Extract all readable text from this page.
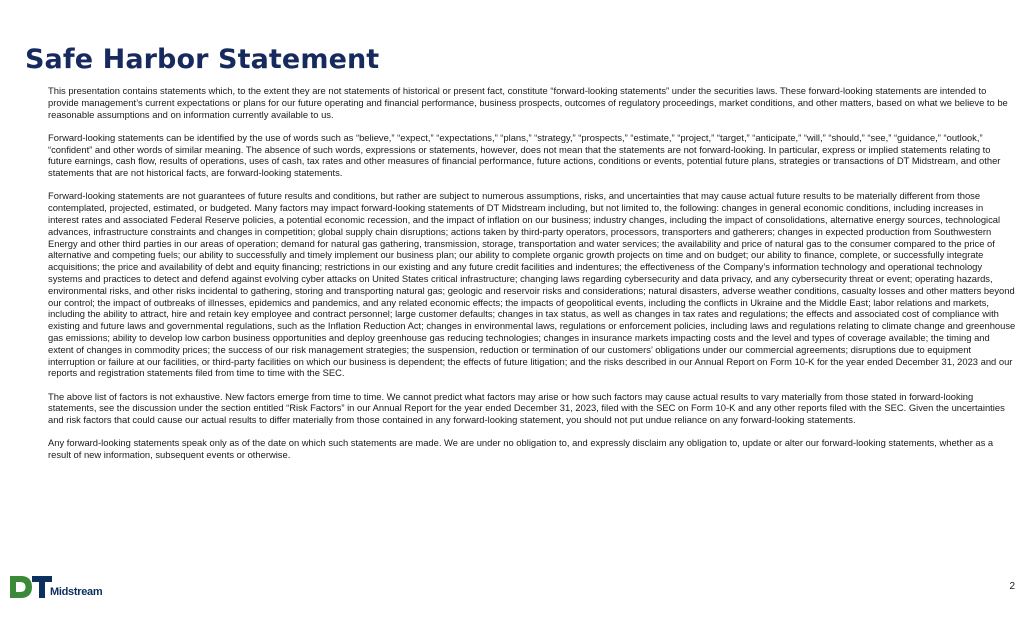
Safe Harbor Statement

This presentation contains statements which, to the extent they are not statements of historical or present fact, constitute “forward-looking statements” under the securities laws. These forward-looking statements are intended to provide management’s current expectations or plans for our future operating and financial performance, business prospects, outcomes of regulatory proceedings, market conditions, and other matters, based on what we believe to be reasonable assumptions and on information currently available to us.

Forward-looking statements can be identified by the use of words such as “believe,” “expect,” “expectations,” “plans,” “strategy,” “prospects,” “estimate,” “project,” “target,” “anticipate,” “will,” “should,” “see,” “guidance,” “outlook,” “confident” and other words of similar meaning. The absence of such words, expressions or statements, however, does not mean that the statements are not forward-looking. In particular, express or implied statements relating to future earnings, cash flow, results of operations, uses of cash, tax rates and other measures of financial performance, future actions, conditions or events, potential future plans, strategies or transactions of DT Midstream, and other statements that are not historical facts, are forward-looking statements.

Forward-looking statements are not guarantees of future results and conditions, but rather are subject to numerous assumptions, risks, and uncertainties that may cause actual future results to be materially different from those contemplated, projected, estimated, or budgeted. Many factors may impact forward-looking statements of DT Midstream including, but not limited to, the following: changes in general economic conditions, including increases in interest rates and associated Federal Reserve policies, a potential economic recession, and the impact of inflation on our business; industry changes, including the impact of consolidations, alternative energy sources, technological advances, infrastructure constraints and changes in competition; global supply chain disruptions; actions taken by third-party operators, processors, transporters and gatherers; changes in expected production from Southwestern Energy and other third parties in our areas of operation; demand for natural gas gathering, transmission, storage, transportation and water services; the availability and price of natural gas to the consumer compared to the price of alternative and competing fuels; our ability to successfully and timely implement our business plan; our ability to complete organic growth projects on time and on budget; our ability to finance, complete, or successfully integrate acquisitions; the price and availability of debt and equity financing; restrictions in our existing and any future credit facilities and indentures; the effectiveness of the Company’s information technology and operational technology systems and practices to detect and defend against evolving cyber attacks on United States critical infrastructure; changing laws regarding cybersecurity and data privacy, and any cybersecurity threat or event; operating hazards, environmental risks, and other risks incidental to gathering, storing and transporting natural gas; geologic and reservoir risks and considerations; natural disasters, adverse weather conditions, casualty losses and other matters beyond our control; the impact of outbreaks of illnesses, epidemics and pandemics, and any related economic effects; the impacts of geopolitical events, including the conflicts in Ukraine and the Middle East; labor relations and markets, including the ability to attract, hire and retain key employee and contract personnel; large customer defaults; changes in tax status, as well as changes in tax rates and regulations; the effects and associated cost of compliance with existing and future laws and governmental regulations, such as the Inflation Reduction Act; changes in environmental laws, regulations or enforcement policies, including laws and regulations relating to climate change and greenhouse gas emissions; ability to develop low carbon business opportunities and deploy greenhouse gas reducing technologies; changes in insurance markets impacting costs and the level and types of coverage available; the timing and extent of changes in commodity prices; the success of our risk management strategies; the suspension, reduction or termination of our customers’ obligations under our commercial agreements; disruptions due to equipment interruption or failure at our facilities, or third-party facilities on which our business is dependent; the effects of future litigation; and the risks described in our Annual Report on Form 10-K for the year ended December 31, 2023 and our reports and registration statements filed from time to time with the SEC.

The above list of factors is not exhaustive. New factors emerge from time to time. We cannot predict what factors may arise or how such factors may cause actual results to vary materially from those stated in forward-looking statements, see the discussion under the section entitled “Risk Factors” in our Annual Report for the year ended December 31, 2023, filed with the SEC on Form 10-K and any other reports filed with the SEC. Given the uncertainties and risk factors that could cause our actual results to differ materially from those contained in any forward-looking statement, you should not put undue reliance on any forward-looking statements.

Any forward-looking statements speak only as of the date on which such statements are made. We are under no obligation to, and expressly disclaim any obligation to, update or alter our forward-looking statements, whether as a result of new information, subsequent events or otherwise.

Midstream	2
